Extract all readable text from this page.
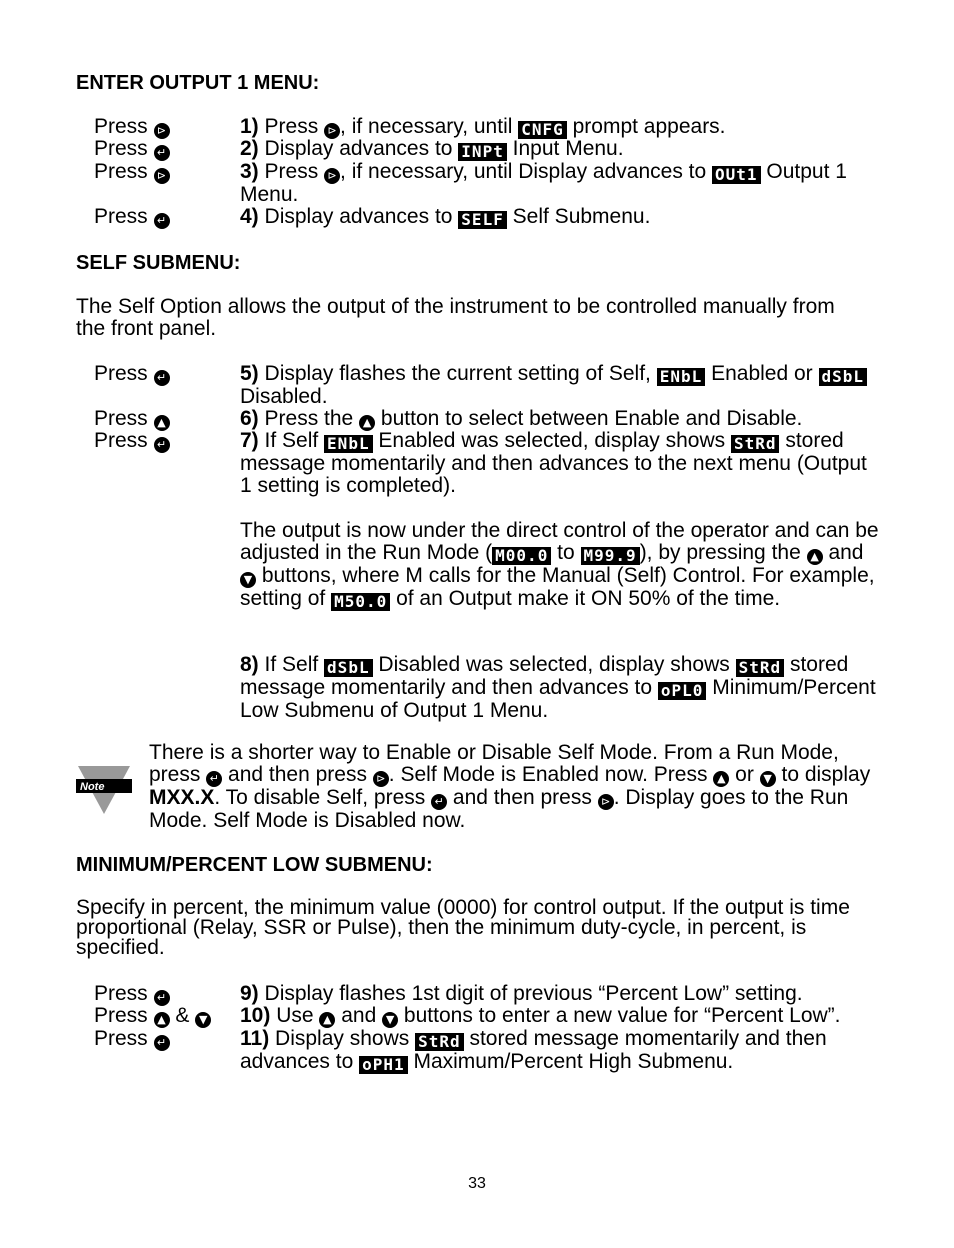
ENTER OUTPUT 1 MENU:
Press ⊳	1) Press ⊳ , if necessary, until CNFG prompt appears.
Press ↵	2) Display advances to INPt Input Menu.
Press ⊳	3) Press ⊳ , if necessary, until Display advances to OUt1 Output 1 Menu.
Press ↵	4) Display advances to SELF Self Submenu.
SELF SUBMENU:
The Self Option allows the output of the instrument to be controlled manually from the front panel.
Press ↵	5) Display flashes the current setting of Self, ENbL Enabled or dSbL Disabled.
Press ▲	6) Press the ▲ button to select between Enable and Disable.
Press ↵	7) If Self ENbL Enabled was selected, display shows StRd stored message momentarily and then advances to the next menu (Output 1 setting is completed).
The output is now under the direct control of the operator and can be adjusted in the Run Mode ( M00.0 to M99.9 ), by pressing the ▲ and ▼ buttons, where M calls for the Manual (Self) Control. For example, setting of M50.0 of an Output make it ON 50% of the time.
8) If Self dSbL Disabled was selected, display shows StRd stored message momentarily and then advances to oPL0 Minimum/Percent Low Submenu of Output 1 Menu.
Note
There is a shorter way to Enable or Disable Self Mode. From a Run Mode, press ↵ and then press ⊳ . Self Mode is Enabled now. Press ▲ or ▼ to display MXX.X. To disable Self, press ↵ and then press ⊳ . Display goes to the Run Mode. Self Mode is Disabled now.
MINIMUM/PERCENT LOW SUBMENU:
Specify in percent, the minimum value (0000) for control output. If the output is time proportional (Relay, SSR or Pulse), then the minimum duty-cycle, in percent, is specified.
Press ↵	9) Display flashes 1st digit of previous “Percent Low” setting.
Press ▲ & ▼	10) Use ▲ and ▼ buttons to enter a new value for “Percent Low”.
Press ↵	11) Display shows StRd stored message momentarily and then advances to oPH1 Maximum/Percent High Submenu.
33
